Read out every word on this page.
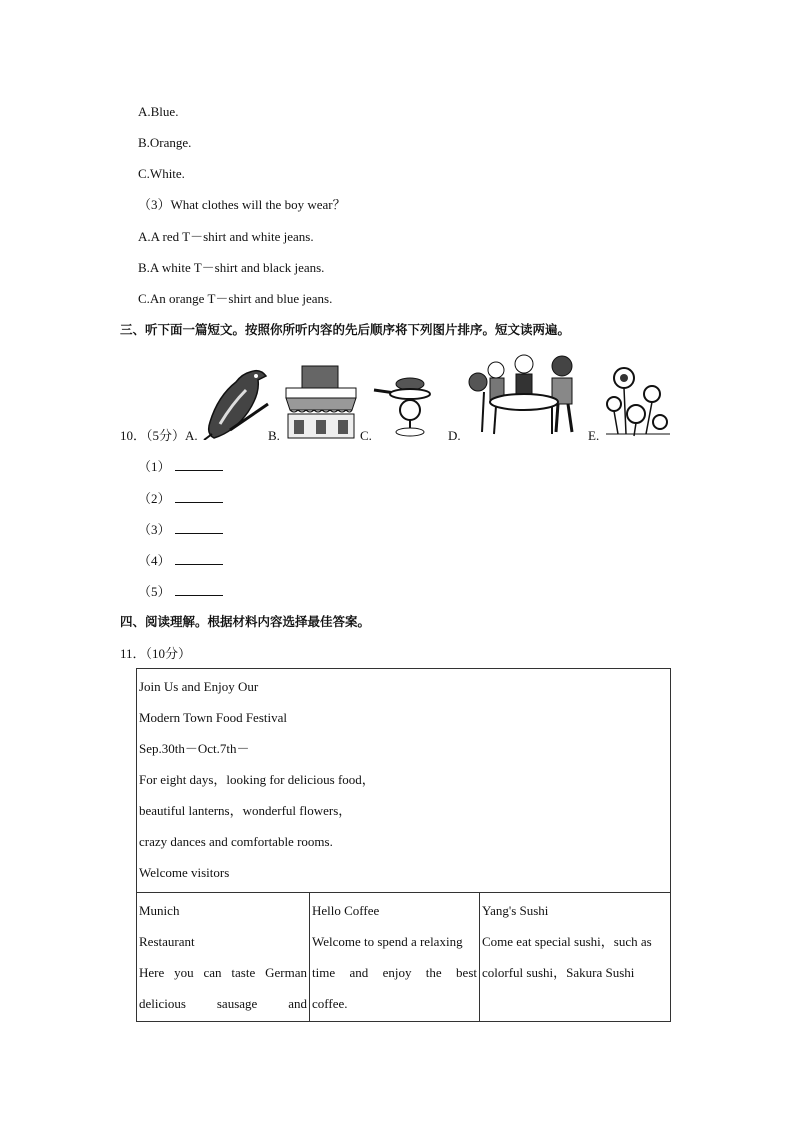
A.Blue.
B.Orange.
C.White.
（3）What clothes will the boy wear？
A.A red T－shirt and white jeans.
B.A white T－shirt and black jeans.
C.An orange T－shirt and blue jeans.
三、听下面一篇短文。按照你所听内容的先后顺序将下列图片排序。短文读两遍。
10．（5分）A.	B.	C.	D.	E.
（1）
（2）
（3）
（4）
（5）
四、阅读理解。根据材料内容选择最佳答案。
11．（10分）
Join Us and Enjoy Our
Modern Town Food Festival
Sep.30th－Oct.7th－
For eight days，looking for delicious food，
beautiful lanterns，wonderful flowers，
crazy dances and comfortable rooms.
Welcome visitors

Munich
Restaurant
Here you can taste German
delicious sausage and

Hello Coffee
Welcome to spend a relaxing
time and enjoy the best
coffee.

Yang's Sushi
Come eat special sushi，such as
colorful sushi，Sakura Sushi
